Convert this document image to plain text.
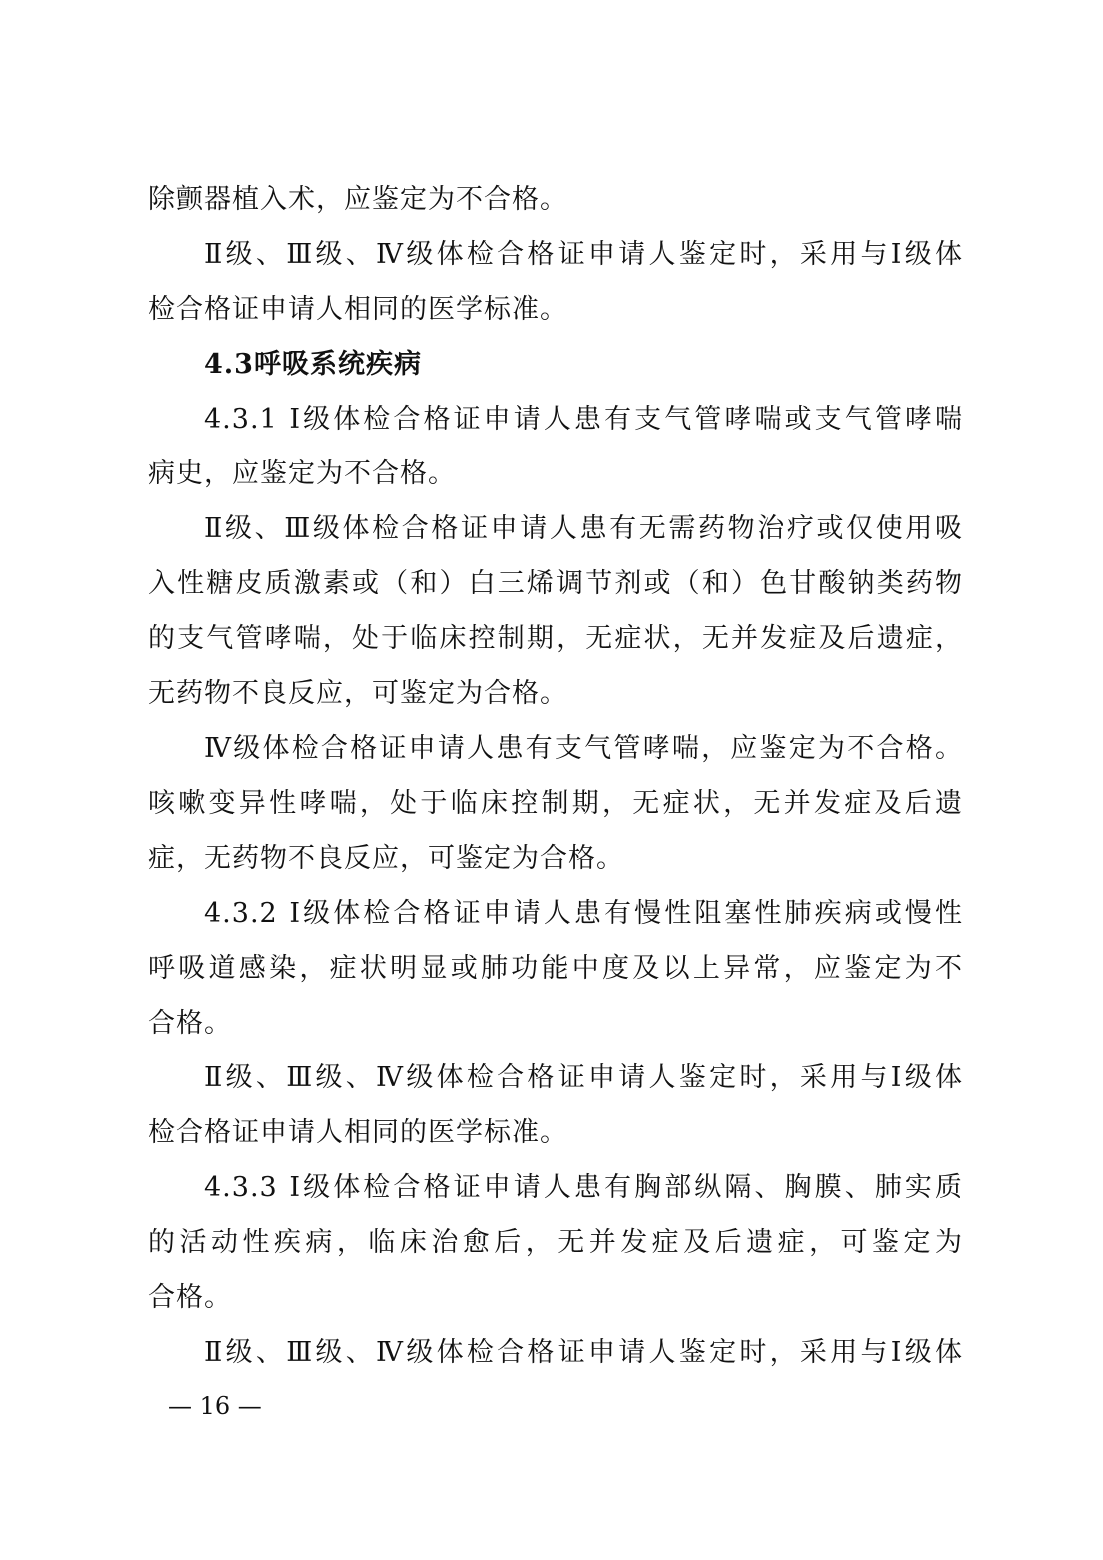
除颤器植入术，应鉴定为不合格。
Ⅱ级、Ⅲ级、Ⅳ级体检合格证申请人鉴定时，采用与Ⅰ级体
检合格证申请人相同的医学标准。
4.3呼吸系统疾病
4.3.1 Ⅰ级体检合格证申请人患有支气管哮喘或支气管哮喘
病史，应鉴定为不合格。
Ⅱ级、Ⅲ级体检合格证申请人患有无需药物治疗或仅使用吸
入性糖皮质激素或（和）白三烯调节剂或（和）色甘酸钠类药物
的支气管哮喘，处于临床控制期，无症状，无并发症及后遗症，
无药物不良反应，可鉴定为合格。
Ⅳ级体检合格证申请人患有支气管哮喘，应鉴定为不合格。
咳嗽变异性哮喘，处于临床控制期，无症状，无并发症及后遗
症，无药物不良反应，可鉴定为合格。
4.3.2 Ⅰ级体检合格证申请人患有慢性阻塞性肺疾病或慢性
呼吸道感染，症状明显或肺功能中度及以上异常，应鉴定为不
合格。
Ⅱ级、Ⅲ级、Ⅳ级体检合格证申请人鉴定时，采用与Ⅰ级体
检合格证申请人相同的医学标准。
4.3.3 Ⅰ级体检合格证申请人患有胸部纵隔、胸膜、肺实质
的活动性疾病，临床治愈后，无并发症及后遗症，可鉴定为
合格。
Ⅱ级、Ⅲ级、Ⅳ级体检合格证申请人鉴定时，采用与Ⅰ级体
— 16 —
